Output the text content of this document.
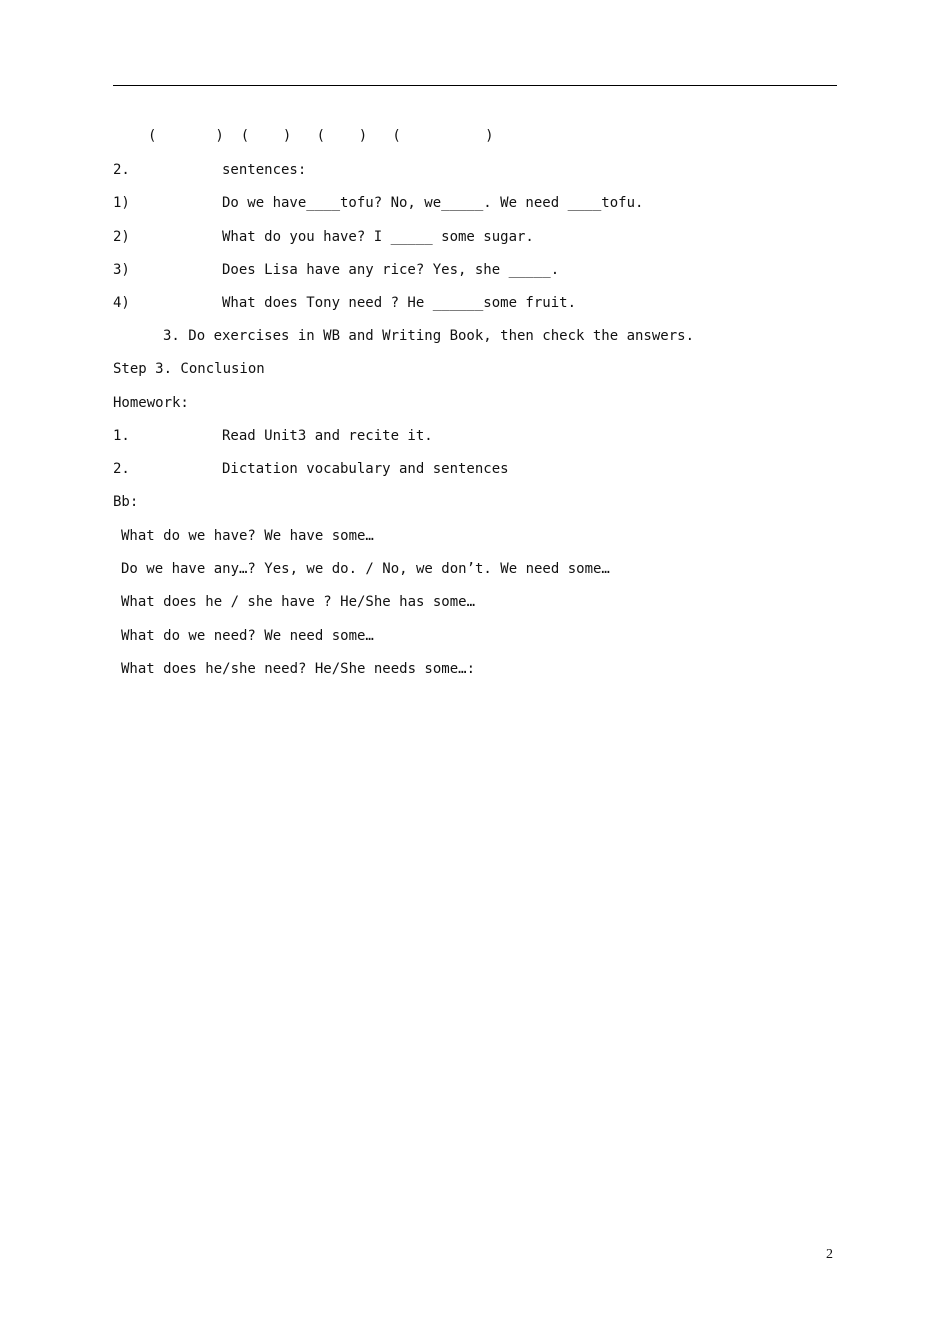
(       )  (    )   (    )   (          )
2.	sentences:
1)	Do we have____tofu? No, we_____. We need ____tofu.
2)	What do you have? I _____ some sugar.
3)	Does Lisa have any rice? Yes, she _____.
4)	What does Tony need ? He ______some fruit.
3. Do exercises in WB and Writing Book, then check the answers.
Step 3. Conclusion
Homework:
1.	Read Unit3 and recite it.
2.	Dictation vocabulary and sentences
Bb:
What do we have? We have some…
Do we have any…? Yes, we do. / No, we don’t. We need some…
What does he / she have ? He/She has some…
What do we need? We need some…
What does he/she need? He/She needs some…:
2
